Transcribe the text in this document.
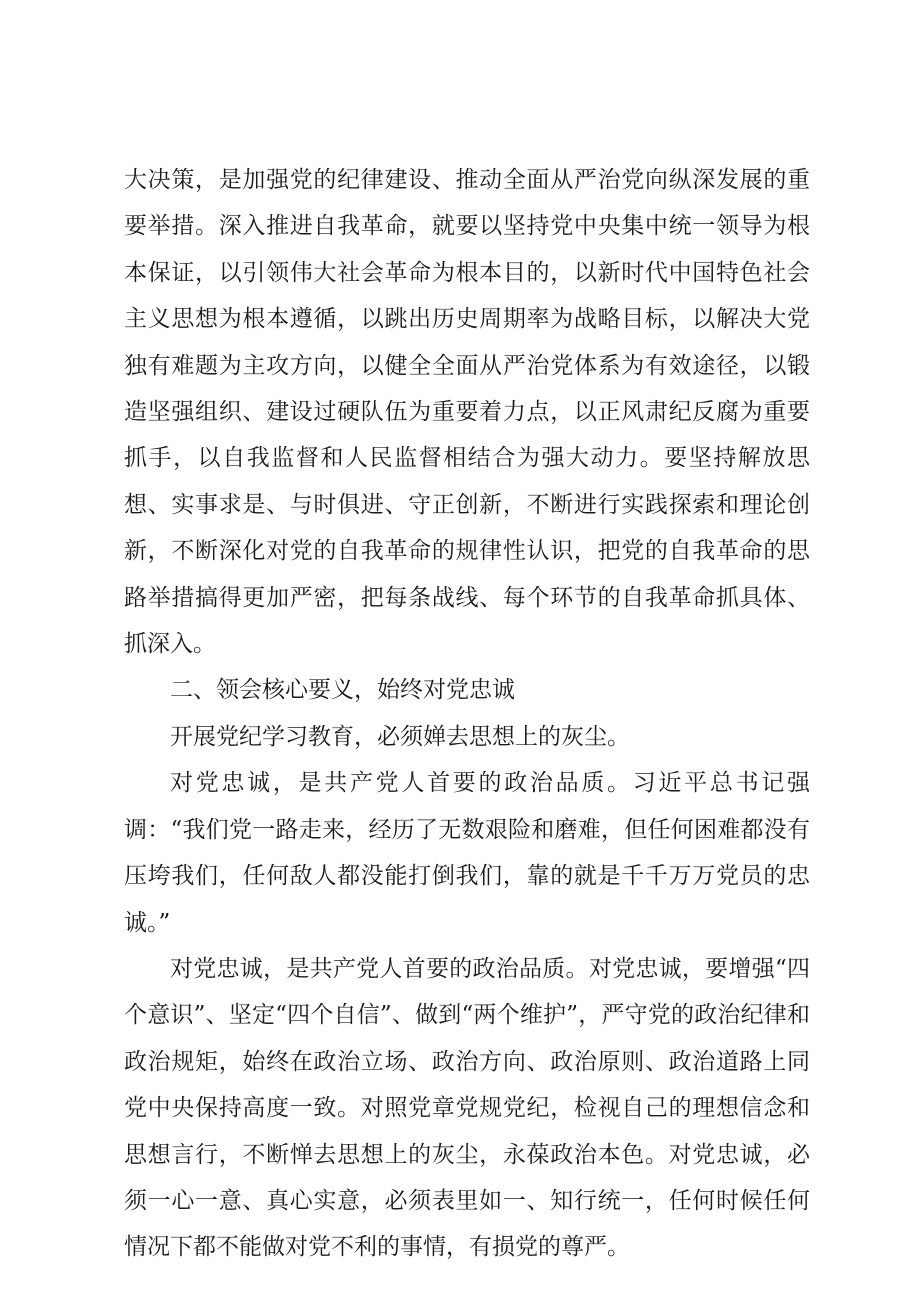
大决策，是加强党的纪律建设、推动全面从严治党向纵深发展的重要举措。深入推进自我革命，就要以坚持党中央集中统一领导为根本保证，以引领伟大社会革命为根本目的，以新时代中国特色社会主义思想为根本遵循，以跳出历史周期率为战略目标，以解决大党独有难题为主攻方向，以健全全面从严治党体系为有效途径，以锻造坚强组织、建设过硬队伍为重要着力点，以正风肃纪反腐为重要抓手，以自我监督和人民监督相结合为强大动力。要坚持解放思想、实事求是、与时俱进、守正创新，不断进行实践探索和理论创新，不断深化对党的自我革命的规律性认识，把党的自我革命的思路举措搞得更加严密，把每条战线、每个环节的自我革命抓具体、抓深入。

二、领会核心要义，始终对党忠诚

开展党纪学习教育，必须婵去思想上的灰尘。

对党忠诚，是共产党人首要的政治品质。习近平总书记强调：“我们党一路走来，经历了无数艰险和磨难，但任何困难都没有压垮我们，任何敌人都没能打倒我们，靠的就是千千万万党员的忠诚。”

对党忠诚，是共产党人首要的政治品质。对党忠诚，要增强“四个意识”、坚定“四个自信”、做到“两个维护”，严守党的政治纪律和政治规矩，始终在政治立场、政治方向、政治原则、政治道路上同党中央保持高度一致。对照党章党规党纪，检视自己的理想信念和思想言行，不断惮去思想上的灰尘，永葆政治本色。对党忠诚，必须一心一意、真心实意，必须表里如一、知行统一，任何时候任何情况下都不能做对党不利的事情，有损党的尊严。
